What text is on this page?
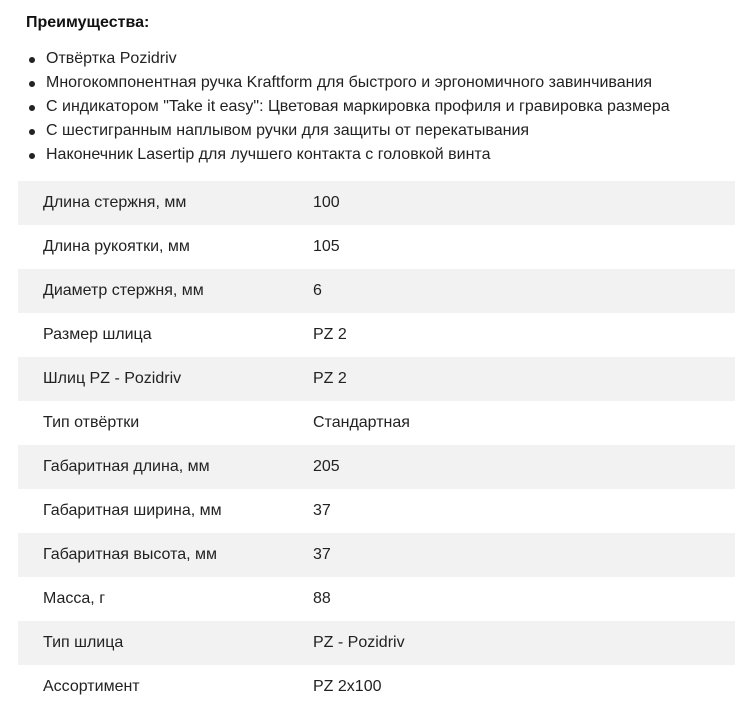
Преимущества:
Отвёртка Pozidriv
Многокомпонентная ручка Kraftform для быстрого и эргономичного завинчивания
С индикатором "Take it easy": Цветовая маркировка профиля и гравировка размера
С шестигранным наплывом ручки для защиты от перекатывания
Наконечник Lasertip для лучшего контакта с головкой винта
Длина стержня, мм	100
Длина рукоятки, мм	105
Диаметр стержня, мм	6
Размер шлица	PZ 2
Шлиц PZ - Pozidriv	PZ 2
Тип отвёртки	Стандартная
Габаритная длина, мм	205
Габаритная ширина, мм	37
Габаритная высота, мм	37
Масса, г	88
Тип шлица	PZ - Pozidriv
Ассортимент	PZ 2x100
